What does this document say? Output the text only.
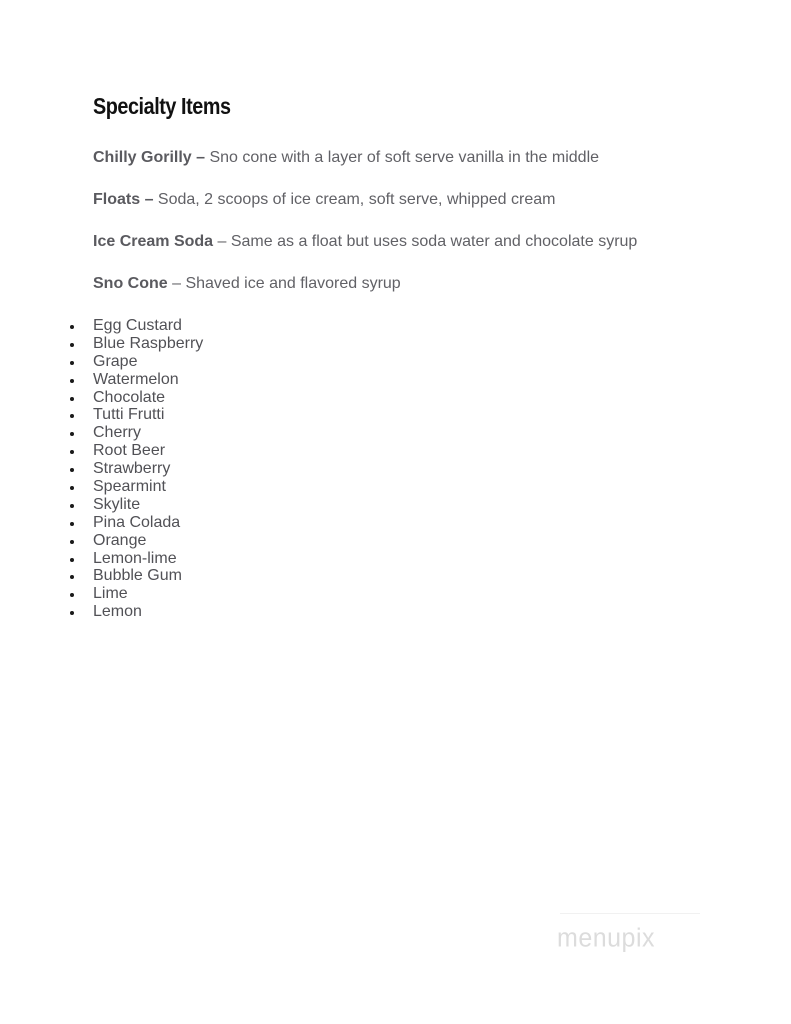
Specialty Items

Chilly Gorilly – Sno cone with a layer of soft serve vanilla in the middle

Floats – Soda, 2 scoops of ice cream, soft serve, whipped cream

Ice Cream Soda – Same as a float but uses soda water and chocolate syrup

Sno Cone – Shaved ice and flavored syrup

Egg Custard
Blue Raspberry
Grape
Watermelon
Chocolate
Tutti Frutti
Cherry
Root Beer
Strawberry
Spearmint
Skylite
Pina Colada
Orange
Lemon-lime
Bubble Gum
Lime
Lemon
menupix
